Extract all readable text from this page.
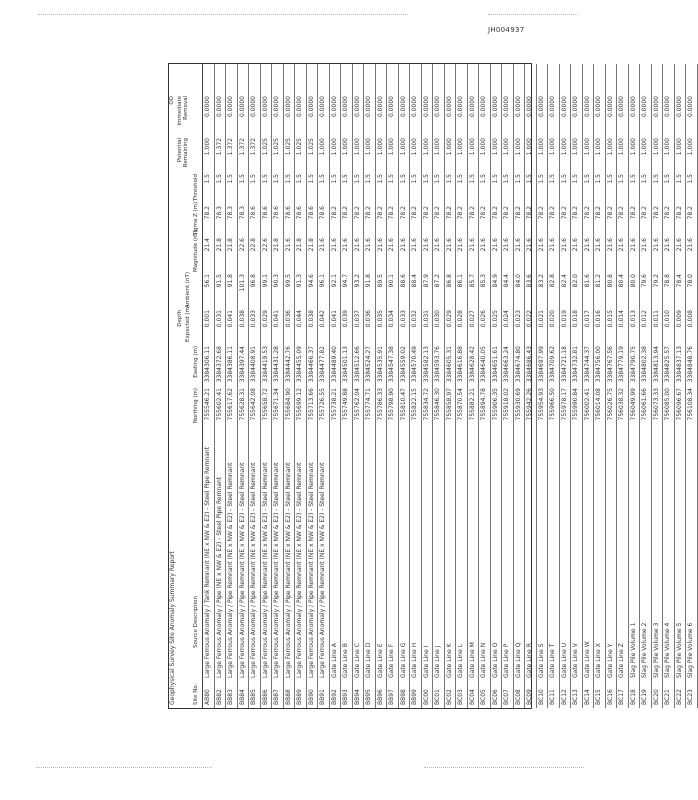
JH004937
Geophysical Survey Site Anomaly Summary Report
OO
Depth
Site No.
Source Description
Northing (m)
Easting (m)
Expected (m)
Ambient (nT)
Magnitude (nT)
Sigma Z (m)
Threshold
Potential Remaining
Immediate Removal
AB80
Large Ferrous Anomaly / Tank Remnant (NE x NW & E2) - Steel Pipe Remnant
755546.21
3384306.11
0.001
56.1
21.4
78.2
1.5
1.000
0.0000
BB82
Large Ferrous Anomaly / Pipe (NE x NW & E2) - Steel Pipe Remnant
755602.41
3384372.68
0.031
91.5
21.8
78.3
1.5
1.372
0.0000
BB83
Large Ferrous Anomaly / Pipe Remnant (NE x NW & E2) - Steel Remnant
755617.62
3384386.11
0.041
91.8
21.8
78.3
1.5
1.372
0.0000
BB84
Large Ferrous Anomaly / Pipe Remnant (NE x NW & E2) - Steel Remnant
755628.31
3384397.44
0.038
101.3
22.6
78.3
1.5
1.372
0.0000
BB85
Large Ferrous Anomaly / Pipe Remnant (NE x NW & E2) - Steel Remnant
755642.08
3384408.91
0.033
96.8
22.8
78.6
1.5
1.372
0.0000
BB86
Large Ferrous Anomaly / Pipe Remnant (NE x NW & E2) - Steel Remnant
755658.72
3384419.53
0.029
99.1
22.6
78.6
1.5
1.025
0.0000
BB87
Large Ferrous Anomaly / Pipe Remnant (NE x NW & E2) - Steel Remnant
755671.34
3384431.28
0.041
90.3
21.8
78.6
1.5
1.025
0.0000
BB88
Large Ferrous Anomaly / Pipe Remnant (NE x NW & E2) - Steel Remnant
755684.90
3384442.76
0.036
99.5
21.6
78.6
1.5
1.025
0.0000
BB89
Large Ferrous Anomaly / Pipe Remnant (NE x NW & E2) - Steel Remnant
755699.12
3384455.09
0.044
91.3
21.8
78.6
1.5
1.025
0.0000
BB90
Large Ferrous Anomaly / Pipe Remnant (NE x NW & E2) - Steel Remnant
755713.66
3384466.37
0.038
94.6
21.8
78.6
1.5
1.025
0.0000
BB91
Large Ferrous Anomaly / Pipe Remnant (NE x NW & E2) - Steel Remnant
755726.55
3384477.82
0.042
96.1
21.6
78.6
1.5
1.000
0.0000
BB92
Gate Line A
755738.21
3384489.40
0.041
92.1
21.6
78.2
1.5
1.000
0.0000
BB93
Gate Line B
755749.88
3384501.13
0.039
94.7
21.6
78.2
1.5
1.000
0.0000
BB94
Gate Line C
755762.04
3384512.66
0.037
93.2
21.6
78.2
1.5
1.000
0.0000
BB95
Gate Line D
755774.71
3384524.27
0.036
91.8
21.6
78.2
1.5
1.000
0.0000
BB96
Gate Line E
755786.33
3384535.91
0.035
89.5
21.6
78.2
1.5
1.000
0.0000
BB97
Gate Line F
755798.90
3384547.38
0.034
90.1
21.6
78.2
1.5
1.000
0.0000
BB98
Gate Line G
755810.47
3384559.02
0.033
88.6
21.6
78.2
1.5
1.000
0.0000
BB99
Gate Line H
755822.15
3384570.49
0.032
88.4
21.6
78.2
1.5
1.000
0.0000
BC00
Gate Line I
755834.72
3384582.13
0.031
87.9
21.6
78.2
1.5
1.000
0.0000
BC01
Gate Line J
755846.30
3384593.76
0.030
87.2
21.6
78.2
1.5
1.000
0.0000
BC02
Gate Line K
755858.97
3384605.31
0.029
86.8
21.6
78.2
1.5
1.000
0.0000
BC03
Gate Line L
755870.54
3384616.88
0.028
86.1
21.6
78.2
1.5
1.000
0.0000
BC04
Gate Line M
755882.21
3384628.42
0.027
85.7
21.6
78.2
1.5
1.000
0.0000
BC05
Gate Line N
755894.78
3384640.05
0.026
85.3
21.6
78.2
1.5
1.000
0.0000
BC06
Gate Line O
755906.35
3384651.61
0.025
84.9
21.6
78.2
1.5
1.000
0.0000
BC07
Gate Line P
755918.02
3384663.24
0.024
84.4
21.6
78.2
1.5
1.000
0.0000
BC08
Gate Line Q
755930.69
3384674.80
0.023
84.0
21.6
78.2
1.5
1.000
0.0000
BC09
Gate Line R
755942.26
3384686.43
0.022
83.6
21.6
78.2
1.5
1.000
0.0000
BC10
Gate Line S
755954.93
3384697.99
0.021
83.2
21.6
78.2
1.5
1.000
0.0000
BC11
Gate Line T
755966.50
3384709.62
0.020
82.8
21.6
78.2
1.5
1.000
0.0000
BC12
Gate Line U
755978.17
3384721.18
0.019
82.4
21.6
78.2
1.5
1.000
0.0000
BC13
Gate Line V
755990.84
3384732.81
0.018
82.0
21.6
78.2
1.5
1.000
0.0000
BC14
Gate Line W
756002.41
3384744.37
0.017
81.6
21.6
78.2
1.5
1.000
0.0000
BC15
Gate Line X
756014.08
3384756.00
0.016
81.2
21.6
78.2
1.5
1.000
0.0000
BC16
Gate Line Y
756026.75
3384767.56
0.015
80.8
21.6
78.2
1.5
1.000
0.0000
BC17
Gate Line Z
756038.32
3384779.19
0.014
80.4
21.6
78.2
1.5
1.000
0.0000
BC18
Slag Pile Volume 1
756049.99
3384790.75
0.013
80.0
21.6
78.2
1.5
1.000
0.0000
BC19
Slag Pile Volume 2
756061.66
3384802.38
0.012
79.6
21.6
78.2
1.5
1.000
0.0000
BC20
Slag Pile Volume 3
756073.33
3384813.94
0.011
79.2
21.6
78.2
1.5
1.000
0.0000
BC21
Slag Pile Volume 4
756085.00
3384825.57
0.010
78.8
21.6
78.2
1.5
1.000
0.0000
BC22
Slag Pile Volume 5
756096.67
3384837.13
0.009
78.4
21.6
78.2
1.5
1.000
0.0000
BC23
Slag Pile Volume 6
756108.34
3384848.76
0.008
78.0
21.6
78.2
1.5
1.000
0.0000
